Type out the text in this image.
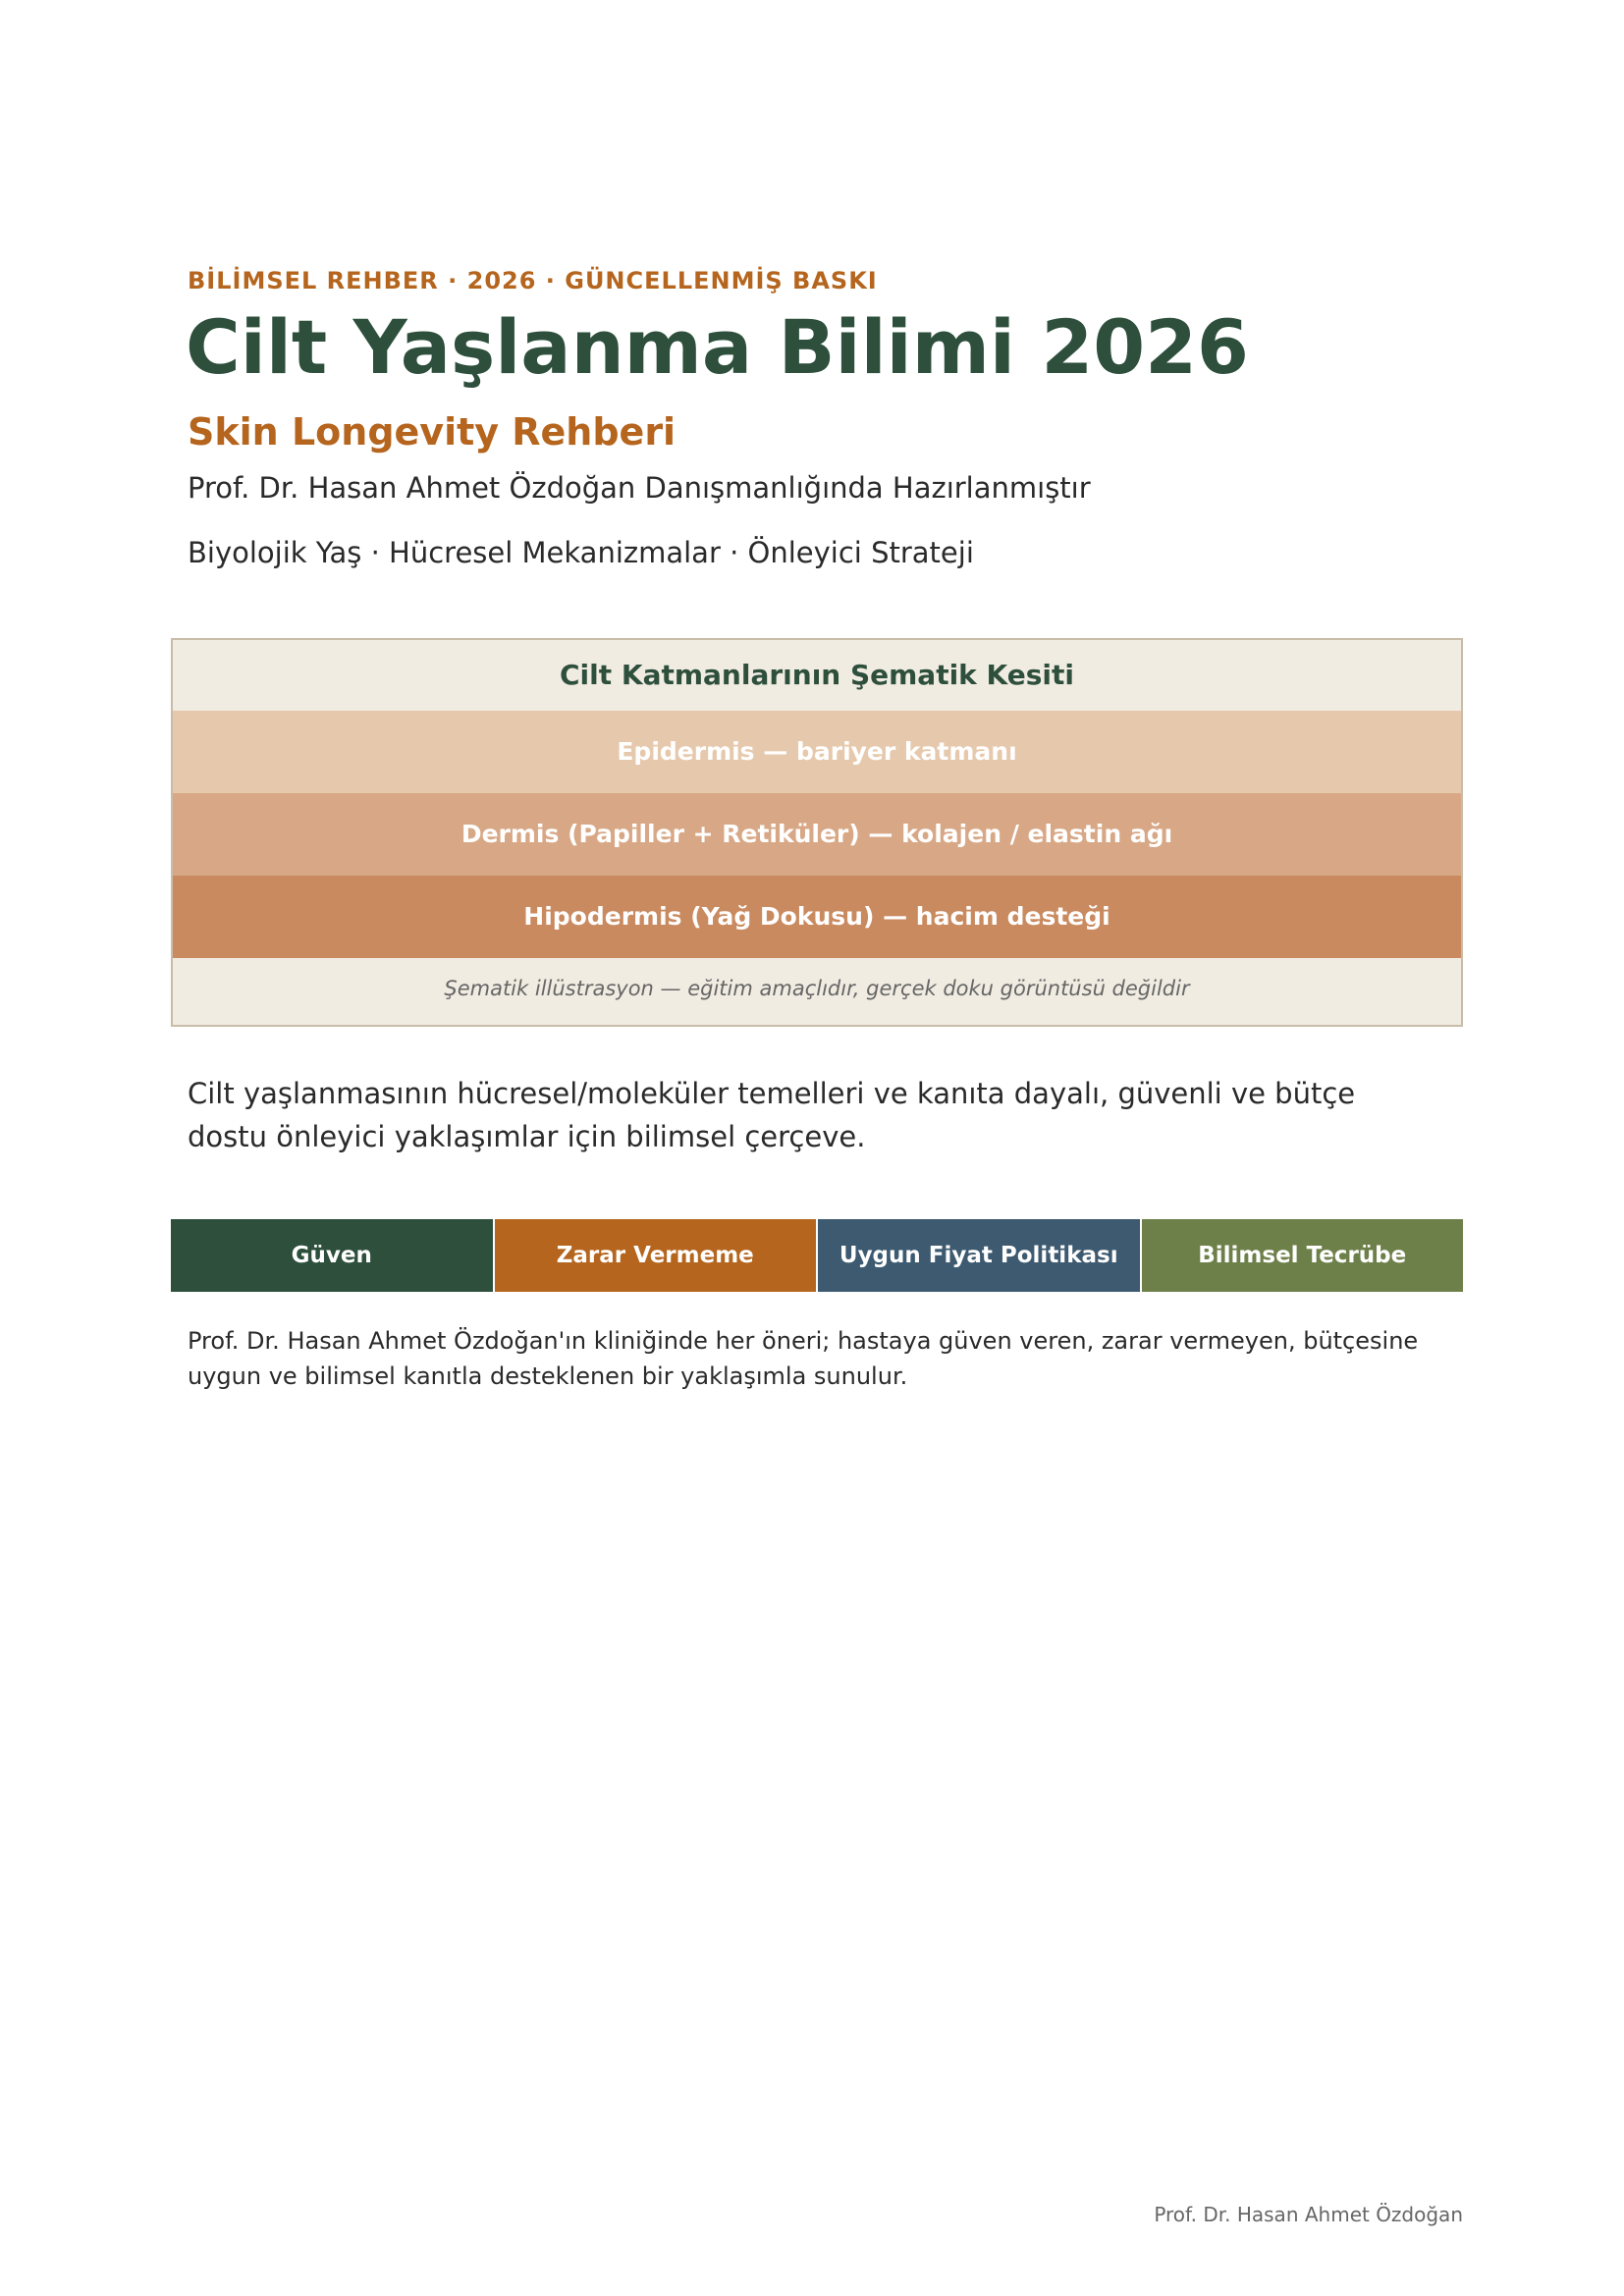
BİLİMSEL REHBER · 2026 · GÜNCELLENMİŞ BASKI
Cilt Yaşlanma Bilimi 2026
Skin Longevity Rehberi
Prof. Dr. Hasan Ahmet Özdoğan Danışmanlığında Hazırlanmıştır
Biyolojik Yaş · Hücresel Mekanizmalar · Önleyici Strateji
Cilt Katmanlarının Şematik Kesiti
Epidermis — bariyer katmanı
Dermis (Papiller + Retiküler) — kolajen / elastin ağı
Hipodermis (Yağ Dokusu) — hacim desteği
Şematik illüstrasyon — eğitim amaçlıdır, gerçek doku görüntüsü değildir
Cilt yaşlanmasının hücresel/moleküler temelleri ve kanıta dayalı, güvenli ve bütçe dostu önleyici yaklaşımlar için bilimsel çerçeve.
Güven	Zarar Vermeme	Uygun Fiyat Politikası	Bilimsel Tecrübe
Prof. Dr. Hasan Ahmet Özdoğan'ın kliniğinde her öneri; hastaya güven veren, zarar vermeyen, bütçesine uygun ve bilimsel kanıtla desteklenen bir yaklaşımla sunulur.
Prof. Dr. Hasan Ahmet Özdoğan
